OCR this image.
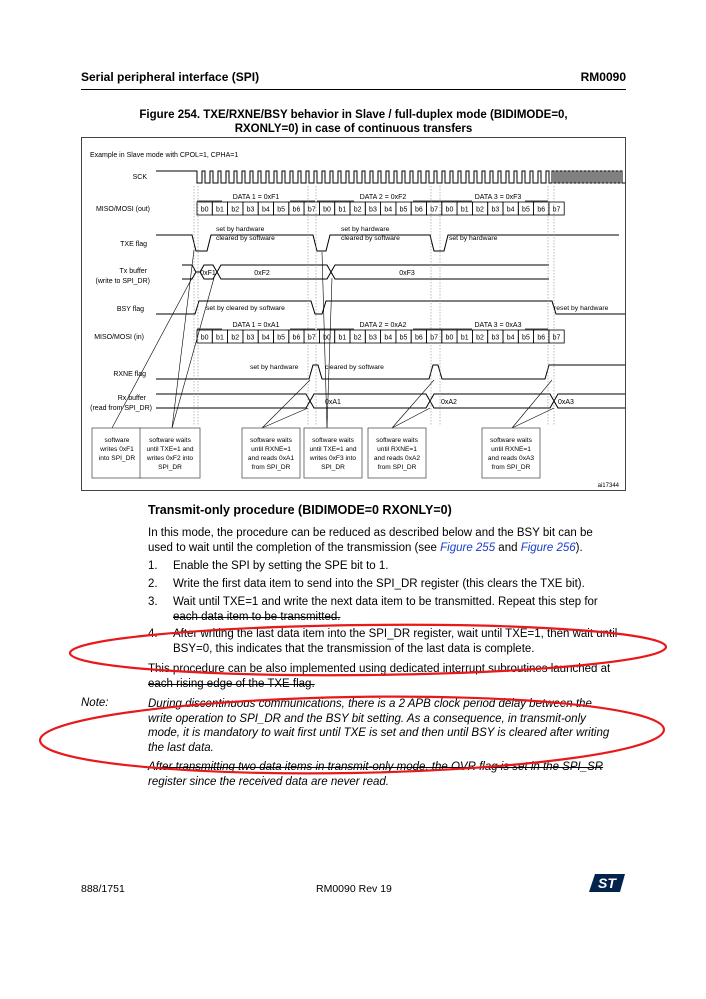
Serial peripheral interface (SPI)	RM0090
Figure 254. TXE/RXNE/BSY behavior in Slave / full-duplex mode (BIDIMODE=0,
RXONLY=0) in case of continuous transfers
Example in Slave mode with CPOL=1, CPHA=1
SCK
MISO/MOSI (out)
TXE flag
Tx buffer
(write to SPI_DR)
BSY flag
MISO/MOSI (in)
RXNE flag
Rx buffer
(read from SPI_DR)
ai17344
b0 b1 b2 b3 b4 b5 b6 b7 b0 b1 b2 b3 b4 b5 b6 b7 b0 b1 b2 b3 b4 b5 b6 b7
b0 b1 b2 b3 b4 b5 b6 b7 b0 b1 b2 b3 b4 b5 b6 b7 b0 b1 b2 b3 b4 b5 b6 b7
DATA 1 = 0xF1	DATA 2 = 0xF2	DATA 3 = 0xF3
DATA 1 = 0xA1	DATA 2 = 0xA2	DATA 3 = 0xA3
set by hardware
cleared by software
set by hardware
cleared by software	set by hardware
0xF1	0xF2	0xF3
set by cleared by software	reset by hardware
set by hardware	cleared by software
0xA1	0xA2	0xA3
software
writes 0xF1
into SPI_DR
software waits
until TXE=1 and
writes 0xF2 into
SPI_DR
software waits
until RXNE=1
and reads 0xA1
from SPI_DR
software waits
until TXE=1 and
writes 0xF3 into
SPI_DR
software waits
until RXNE=1
and reads 0xA2
from SPI_DR
software waits
until RXNE=1
and reads 0xA3
from SPI_DR
Transmit-only procedure (BIDIMODE=0 RXONLY=0)
In this mode, the procedure can be reduced as described below and the BSY bit can be
used to wait until the completion of the transmission (see Figure 255 and Figure 256).
1. Enable the SPI by setting the SPE bit to 1.
2. Write the first data item to send into the SPI_DR register (this clears the TXE bit).
3. Wait until TXE=1 and write the next data item to be transmitted. Repeat this step for
each data item to be transmitted.
4. After writing the last data item into the SPI_DR register, wait until TXE=1, then wait until
BSY=0, this indicates that the transmission of the last data is complete.
This procedure can be also implemented using dedicated interrupt subroutines launched at
each rising edge of the TXE flag.
Note:	During discontinuous communications, there is a 2 APB clock period delay between the
write operation to SPI_DR and the BSY bit setting. As a consequence, in transmit-only
mode, it is mandatory to wait first until TXE is set and then until BSY is cleared after writing
the last data.
After transmitting two data items in transmit-only mode, the OVR flag is set in the SPI_SR
register since the received data are never read.
888/1751	RM0090 Rev 19	ST
